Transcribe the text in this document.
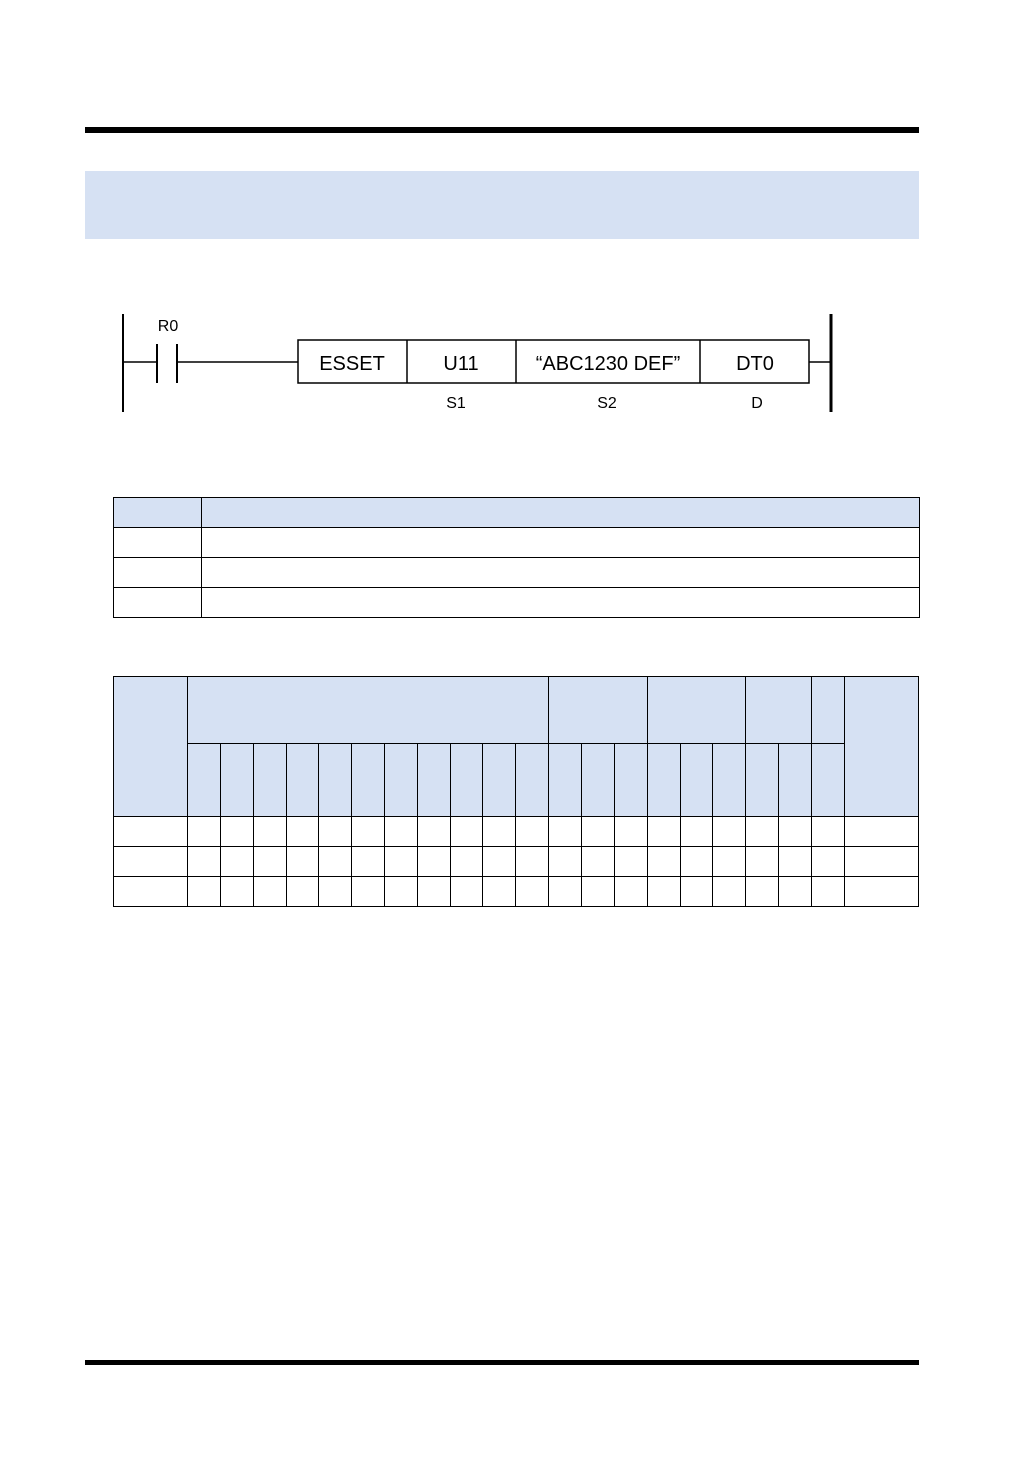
R0
ESSET	U11	“ABC1230 DEF”	DT0
S1	S2	D
